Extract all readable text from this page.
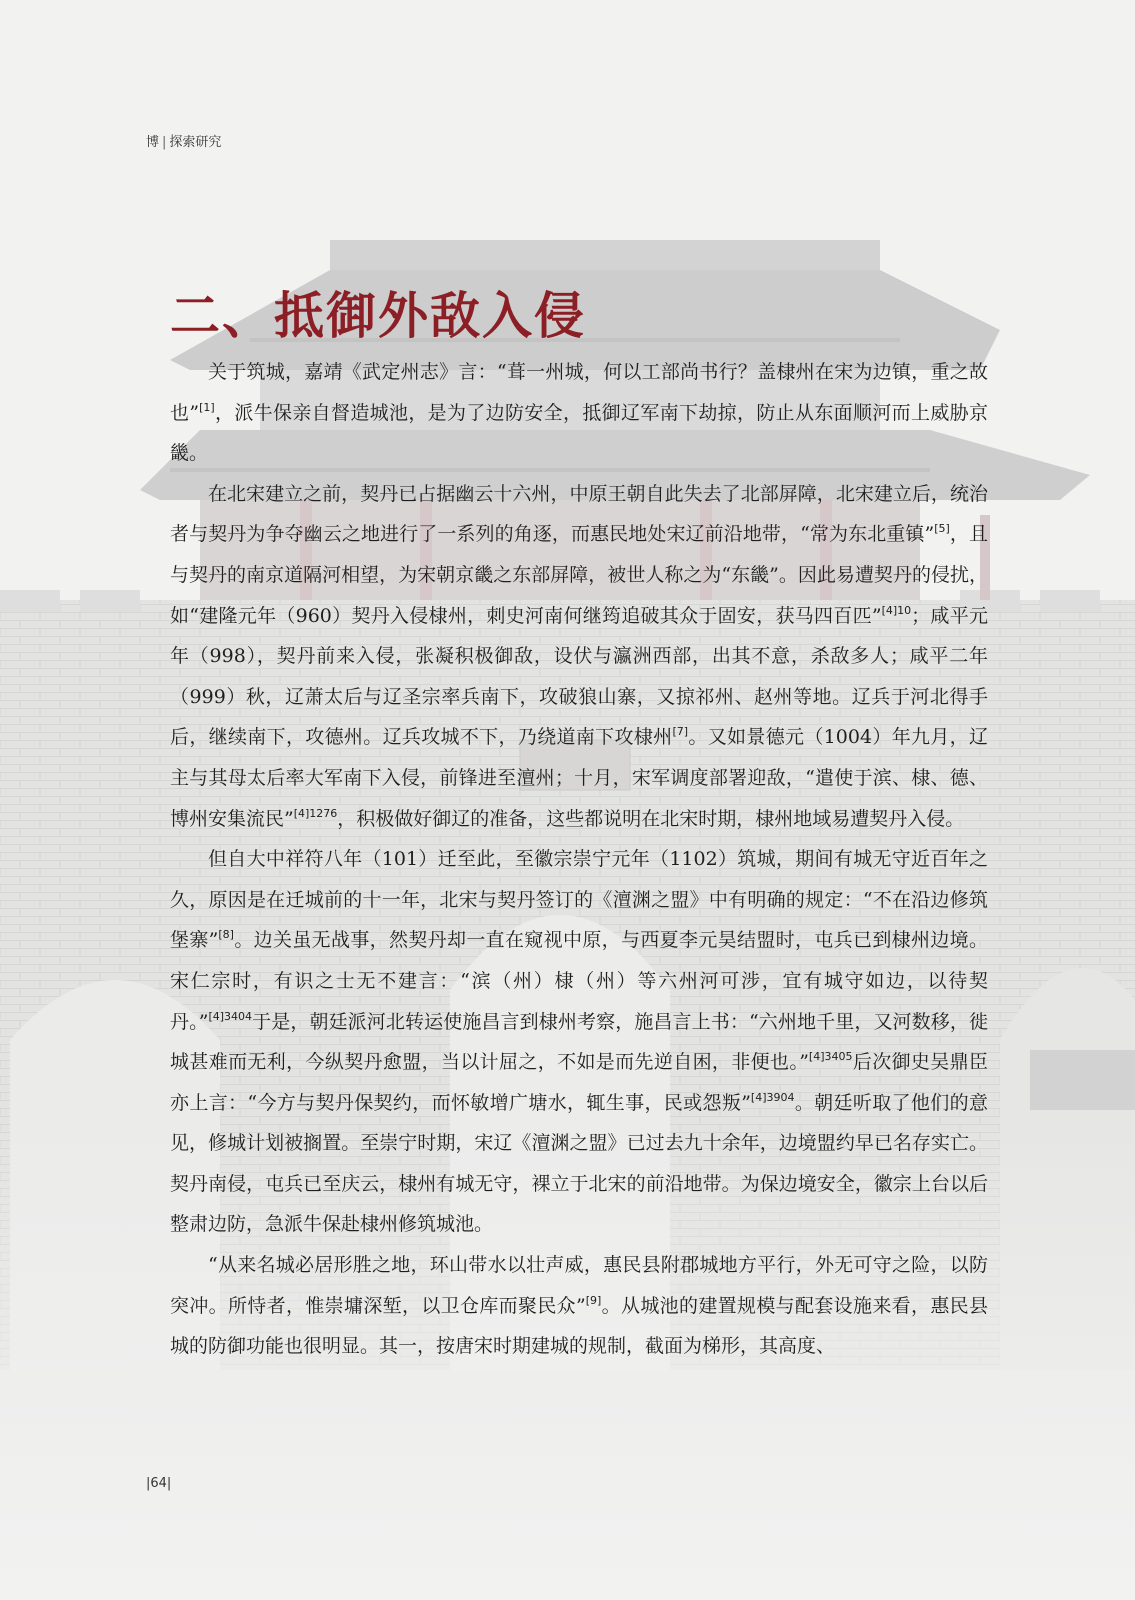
博 | 探索研究
二、抵御外敌入侵

关于筑城，嘉靖《武定州志》言：“葺一州城，何以工部尚书行？盖棣州在宋为边镇，重之故也”[1]，派牛保亲自督造城池，是为了边防安全，抵御辽军南下劫掠，防止从东面顺河而上威胁京畿。

在北宋建立之前，契丹已占据幽云十六州，中原王朝自此失去了北部屏障，北宋建立后，统治者与契丹为争夺幽云之地进行了一系列的角逐，而惠民地处宋辽前沿地带，“常为东北重镇”[5]，且与契丹的南京道隔河相望，为宋朝京畿之东部屏障，被世人称之为“东畿”。因此易遭契丹的侵扰，如“建隆元年（960）契丹入侵棣州，刺史河南何继筠追破其众于固安，获马四百匹”$^{[4]10}$；咸平元年（998），契丹前来入侵，张凝积极御敌，设伏与瀛洲西部，出其不意，杀敌多人；咸平二年（999）秋，辽萧太后与辽圣宗率兵南下，攻破狼山寨，又掠祁州、赵州等地。辽兵于河北得手后，继续南下，攻德州。辽兵攻城不下，乃绕道南下攻棣州[7]。又如景德元（1004）年九月，辽主与其母太后率大军南下入侵，前锋进至澶州；十月，宋军调度部署迎敌，“遣使于滨、棣、德、博州安集流民”$^{[4]1276}$，积极做好御辽的准备，这些都说明在北宋时期，棣州地域易遭契丹入侵。

但自大中祥符八年（101）迁至此，至徽宗崇宁元年（1102）筑城，期间有城无守近百年之久，原因是在迁城前的十一年，北宋与契丹签订的《澶渊之盟》中有明确的规定：“不在沿边修筑堡寨”[8]。边关虽无战事，然契丹却一直在窥视中原，与西夏李元昊结盟时，屯兵已到棣州边境。宋仁宗时，有识之士无不建言：“滨（州）棣（州）等六州河可涉，宜有城守如边，以待契丹。”$^{[4]3404}$于是，朝廷派河北转运使施昌言到棣州考察，施昌言上书：“六州地千里，又河数移，徙城甚难而无利，今纵契丹愈盟，当以计屈之，不如是而先逆自困，非便也。”$^{[4]3405}$后次御史吴鼎臣亦上言：“今方与契丹保契约，而怀敏增广塘水，辄生事，民或怨叛”$^{[4]3904}$。朝廷听取了他们的意见，修城计划被搁置。至崇宁时期，宋辽《澶渊之盟》已过去九十余年，边境盟约早已名存实亡。契丹南侵，屯兵已至庆云，棣州有城无守，裸立于北宋的前沿地带。为保边境安全，徽宗上台以后整肃边防，急派牛保赴棣州修筑城池。

“从来名城必居形胜之地，环山带水以壮声威，惠民县附郡城地方平行，外无可守之险，以防突冲。所恃者，惟崇墉深堑，以卫仓库而聚民众”[9]。从城池的建置规模与配套设施来看，惠民县城的防御功能也很明显。其一，按唐宋时期建城的规制，截面为梯形，其高度、

|64|
